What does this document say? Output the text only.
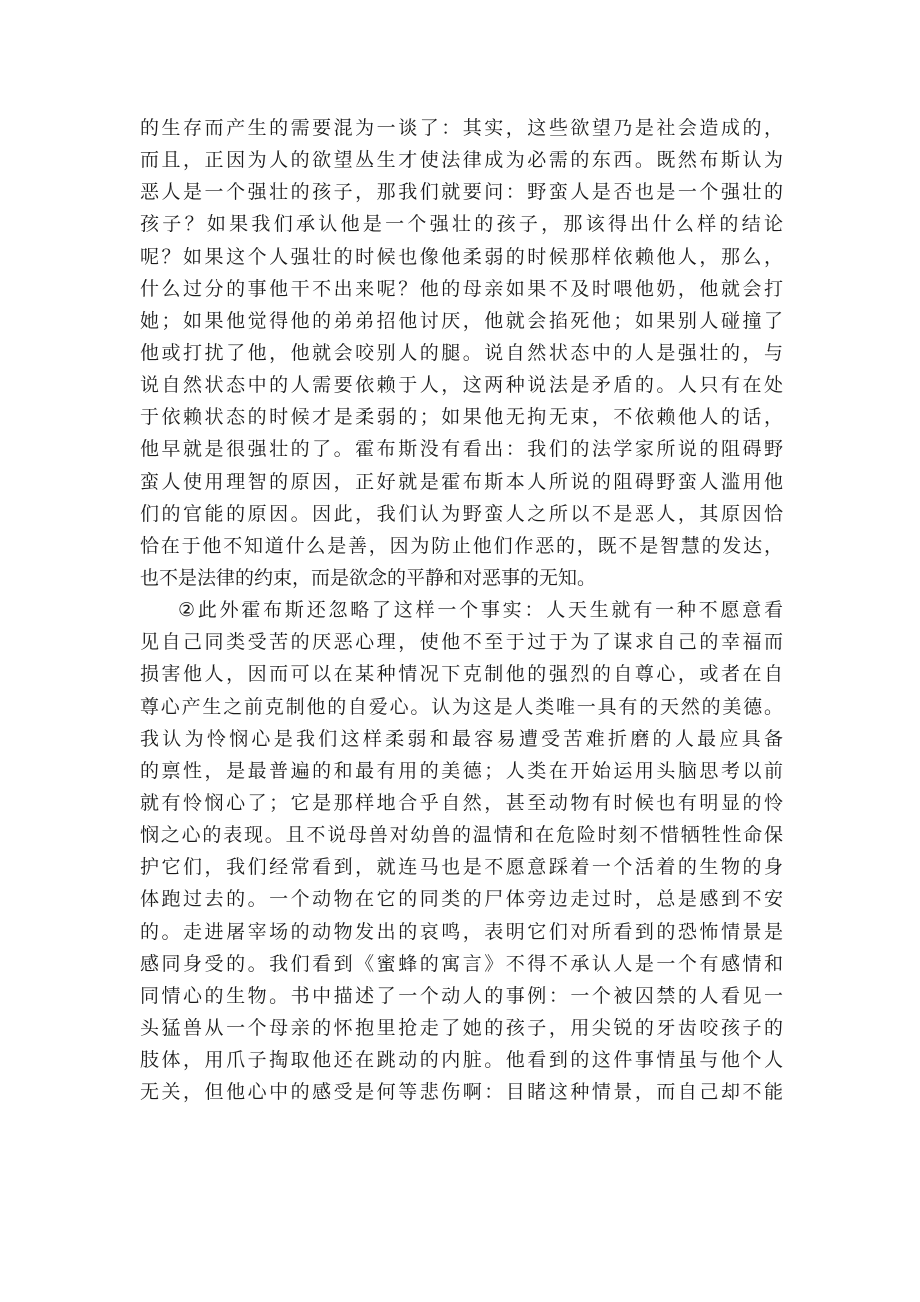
的生存而产生的需要混为一谈了：其实，这些欲望乃是社会造成的，
而且，正因为人的欲望丛生才使法律成为必需的东西。既然布斯认为
恶人是一个强壮的孩子，那我们就要问：野蛮人是否也是一个强壮的
孩子？如果我们承认他是一个强壮的孩子，那该得出什么样的结论
呢？如果这个人强壮的时候也像他柔弱的时候那样依赖他人，那么，
什么过分的事他干不出来呢？他的母亲如果不及时喂他奶，他就会打
她；如果他觉得他的弟弟招他讨厌，他就会掐死他；如果别人碰撞了
他或打扰了他，他就会咬别人的腿。说自然状态中的人是强壮的，与
说自然状态中的人需要依赖于人，这两种说法是矛盾的。人只有在处
于依赖状态的时候才是柔弱的；如果他无拘无束，不依赖他人的话，
他早就是很强壮的了。霍布斯没有看出：我们的法学家所说的阻碍野
蛮人使用理智的原因，正好就是霍布斯本人所说的阻碍野蛮人滥用他
们的官能的原因。因此，我们认为野蛮人之所以不是恶人，其原因恰
恰在于他不知道什么是善，因为防止他们作恶的，既不是智慧的发达，
也不是法律的约束，而是欲念的平静和对恶事的无知。
②此外霍布斯还忽略了这样一个事实：人天生就有一种不愿意看
见自己同类受苦的厌恶心理，使他不至于过于为了谋求自己的幸福而
损害他人，因而可以在某种情况下克制他的强烈的自尊心，或者在自
尊心产生之前克制他的自爱心。认为这是人类唯一具有的天然的美德。
我认为怜悯心是我们这样柔弱和最容易遭受苦难折磨的人最应具备
的禀性，是最普遍的和最有用的美德；人类在开始运用头脑思考以前
就有怜悯心了；它是那样地合乎自然，甚至动物有时候也有明显的怜
悯之心的表现。且不说母兽对幼兽的温情和在危险时刻不惜牺牲性命保
护它们，我们经常看到，就连马也是不愿意踩着一个活着的生物的身
体跑过去的。一个动物在它的同类的尸体旁边走过时，总是感到不安
的。走进屠宰场的动物发出的哀鸣，表明它们对所看到的恐怖情景是
感同身受的。我们看到《蜜蜂的寓言》不得不承认人是一个有感情和
同情心的生物。书中描述了一个动人的事例：一个被囚禁的人看见一
头猛兽从一个母亲的怀抱里抢走了她的孩子，用尖锐的牙齿咬孩子的
肢体，用爪子掏取他还在跳动的内脏。他看到的这件事情虽与他个人
无关，但他心中的感受是何等悲伤啊：目睹这种情景，而自己却不能
